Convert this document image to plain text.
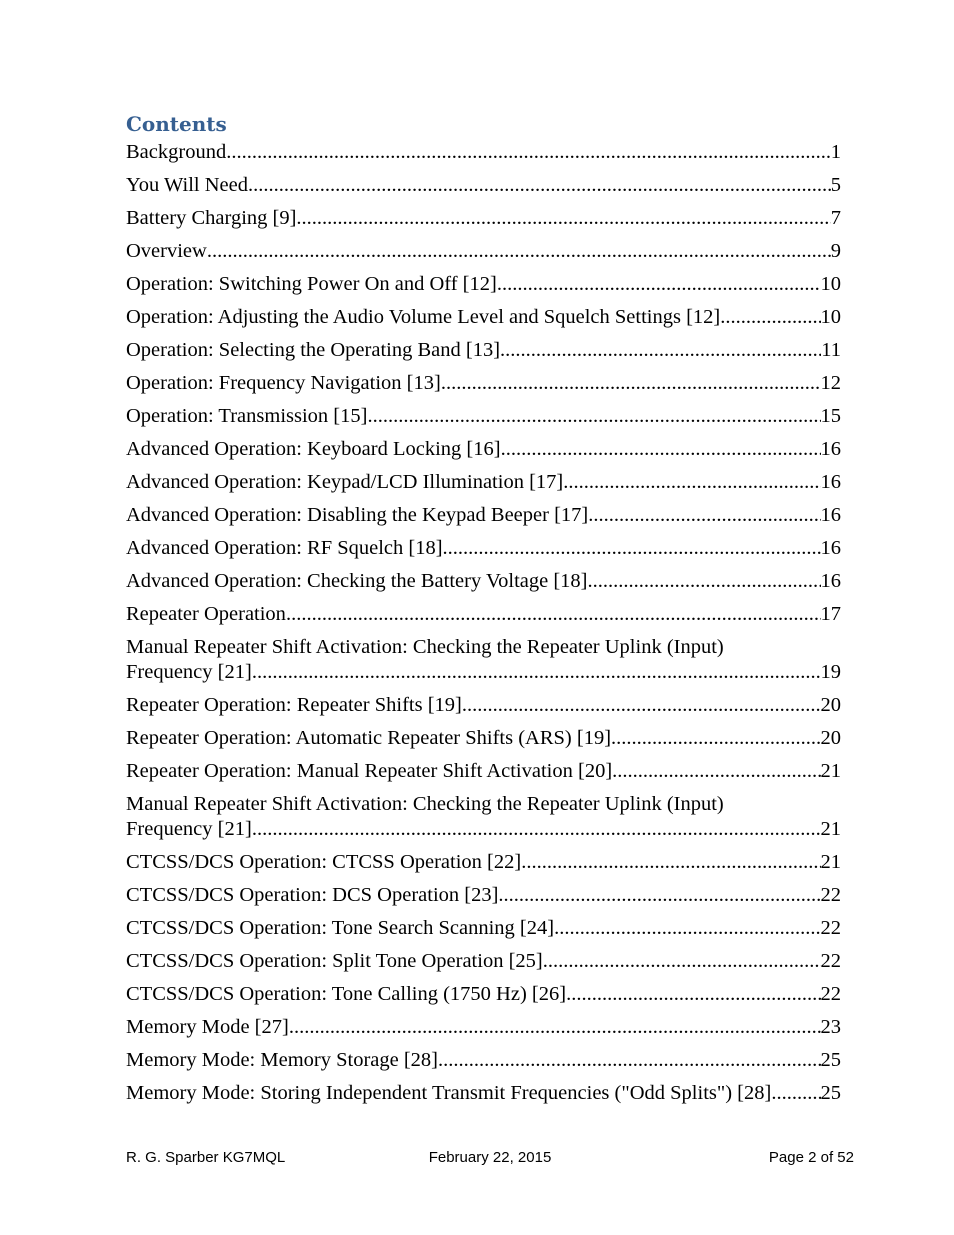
Contents
Background .....	1
You Will Need .....	5
Battery Charging [9] .....	7
Overview .....	9
Operation: Switching Power On and Off [12] .....	10
Operation: Adjusting the Audio Volume Level and Squelch Settings [12] .....	10
Operation: Selecting the Operating Band [13] .....	11
Operation: Frequency Navigation [13] .....	12
Operation: Transmission [15] .....	15
Advanced Operation: Keyboard Locking [16] .....	16
Advanced Operation: Keypad/LCD Illumination [17] .....	16
Advanced Operation: Disabling the Keypad Beeper [17] .....	16
Advanced Operation: RF Squelch [18] .....	16
Advanced Operation: Checking the Battery Voltage [18] .....	16
Repeater Operation .....	17
Manual Repeater Shift Activation: Checking the Repeater Uplink (Input)
Frequency [21] .....	19
Repeater Operation: Repeater Shifts [19] .....	20
Repeater Operation: Automatic Repeater Shifts (ARS) [19] .....	20
Repeater Operation: Manual Repeater Shift Activation [20] .....	21
Manual Repeater Shift Activation: Checking the Repeater Uplink (Input)
Frequency [21] .....	21
CTCSS/DCS Operation: CTCSS Operation [22] .....	21
CTCSS/DCS Operation: DCS Operation [23] .....	22
CTCSS/DCS Operation: Tone Search Scanning [24] .....	22
CTCSS/DCS Operation: Split Tone Operation [25] .....	22
CTCSS/DCS Operation: Tone Calling (1750 Hz) [26] .....	22
Memory Mode [27] .....	23
Memory Mode: Memory Storage [28] .....	25
Memory Mode: Storing Independent Transmit Frequencies ("Odd Splits") [28] ..... 25
R. G. Sparber KG7MQL	February 22, 2015	Page 2 of 52
